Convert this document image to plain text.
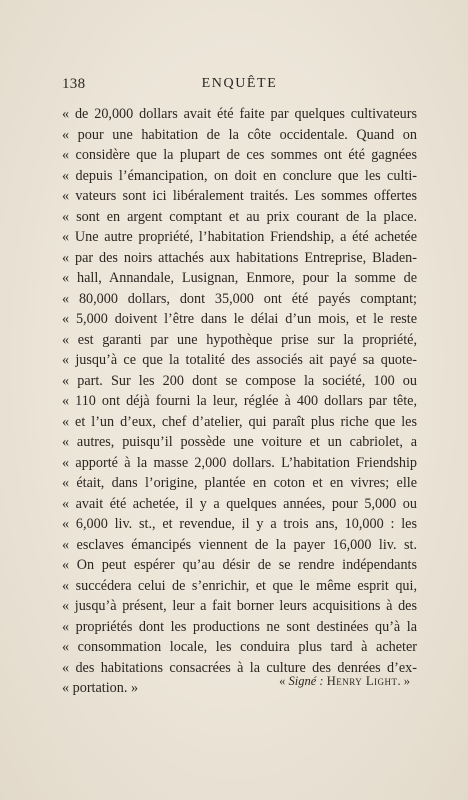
138	ENQUÊTE
« de 20,000 dollars avait été faite par quelques cultivateurs
« pour une habitation de la côte occidentale. Quand on
« considère que la plupart de ces sommes ont été gagnées
« depuis l’émancipation, on doit en conclure que les culti-
« vateurs sont ici libéralement traités. Les sommes offertes
« sont en argent comptant et au prix courant de la place.
« Une autre propriété, l’habitation Friendship, a été achetée
« par des noirs attachés aux habitations Entreprise, Bladen-
« hall, Annandale, Lusignan, Enmore, pour la somme de
« 80,000 dollars, dont 35,000 ont été payés comptant;
« 5,000 doivent l’être dans le délai d’un mois, et le reste
« est garanti par une hypothèque prise sur la propriété,
« jusqu’à ce que la totalité des associés ait payé sa quote-
« part. Sur les 200 dont se compose la société, 100 ou
« 110 ont déjà fourni la leur, réglée à 400 dollars par tête,
« et l’un d’eux, chef d’atelier, qui paraît plus riche que les
« autres, puisqu’il possède une voiture et un cabriolet, a
« apporté à la masse 2,000 dollars. L’habitation Friendship
« était, dans l’origine, plantée en coton et en vivres; elle
« avait été achetée, il y a quelques années, pour 5,000 ou
« 6,000 liv. st., et revendue, il y a trois ans, 10,000 : les
« esclaves émancipés viennent de la payer 16,000 liv. st.
« On peut espérer qu’au désir de se rendre indépendants
« succédera celui de s’enrichir, et que le même esprit qui,
« jusqu’à présent, leur a fait borner leurs acquisitions à des
« propriétés dont les productions ne sont destinées qu’à la
« consommation locale, les conduira plus tard à acheter
« des habitations consacrées à la culture des denrées d’ex-
« portation. »	« Signé : Henry Light. »
